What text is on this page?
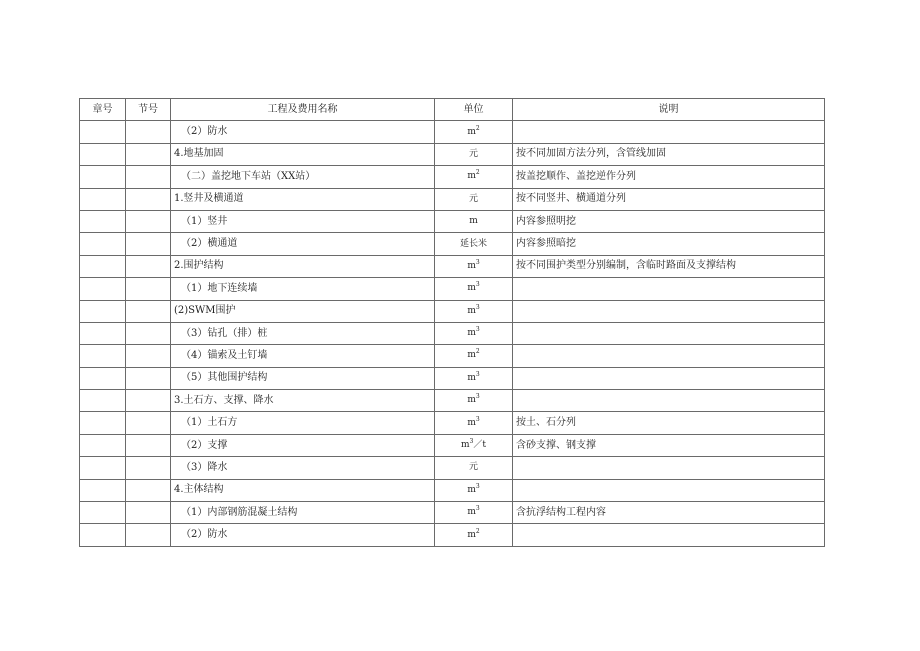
章号	节号	工程及费用名称	单位	说明
		（2）防水	$m^2$	
		4.地基加固	元	按不同加固方法分列，含管线加固
		（二）盖挖地下车站（XX站）	$m^2$	按盖挖顺作、盖挖逆作分列
		1.竖井及横通道	元	按不同竖井、横通道分列
		（1）竖井	m	内容参照明挖
		（2）横通道	延长米	内容参照暗挖
		2.围护结构	$m^3$	按不同围护类型分别编制，含临时路面及支撑结构
		（1）地下连续墙	$m^3$	
		(2)SWM围护	$m^3$	
		（3）钻孔（排）桩	$m^3$	
		（4）锚索及土钉墙	$m^2$	
		（5）其他围护结构	$m^3$	
		3.土石方、支撑、降水	$m^3$	
		（1）土石方	$m^3$	按土、石分列
		（2）支撑	$m^3/t$	含砂支撑、钢支撑
		（3）降水	元	
		4.主体结构	$m^3$	
		（1）内部钢筋混凝土结构	$m^3$	含抗浮结构工程内容
		（2）防水	$m^2$	
